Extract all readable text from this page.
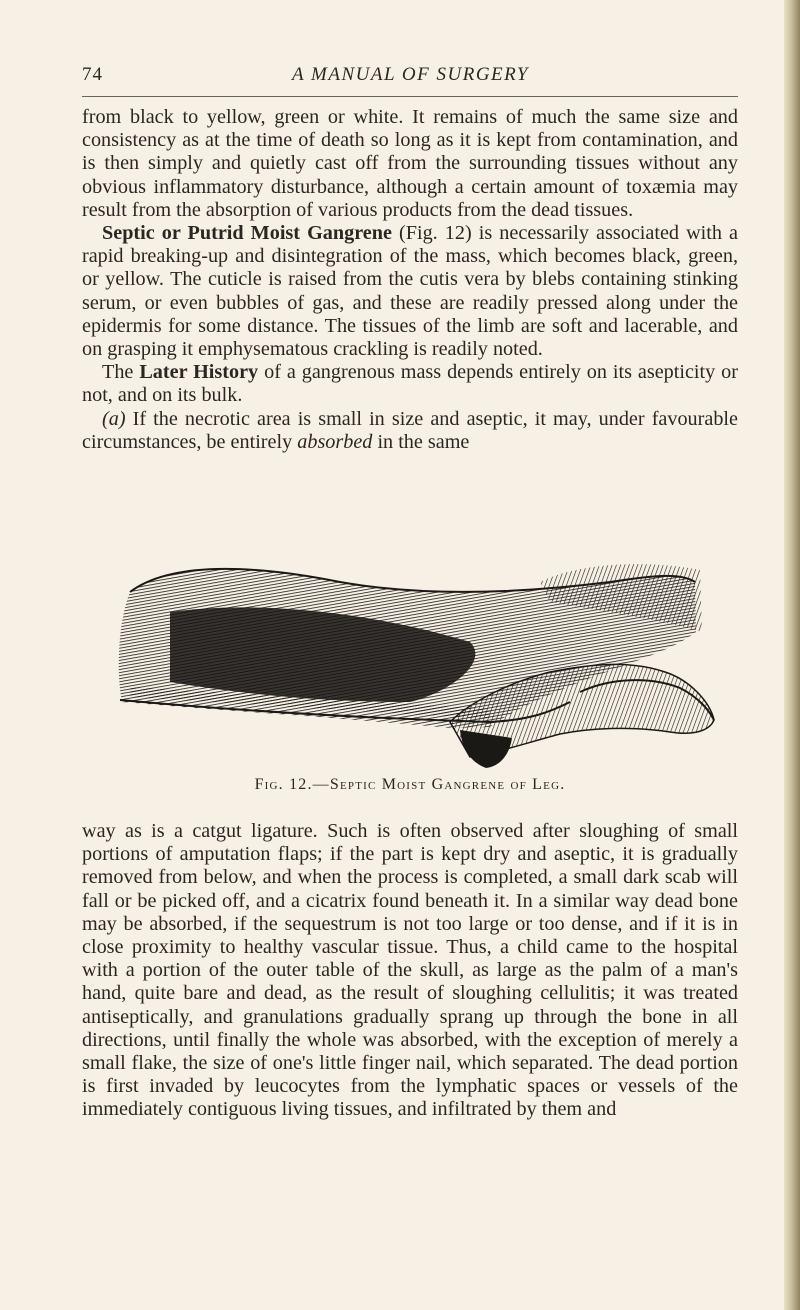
74	A MANUAL OF SURGERY

from black to yellow, green or white. It remains of much the same size and consistency as at the time of death so long as it is kept from contamination, and is then simply and quietly cast off from the surrounding tissues without any obvious inflammatory disturbance, although a certain amount of toxæmia may result from the absorption of various products from the dead tissues.

Septic or Putrid Moist Gangrene (Fig. 12) is necessarily associated with a rapid breaking-up and disintegration of the mass, which becomes black, green, or yellow. The cuticle is raised from the cutis vera by blebs containing stinking serum, or even bubbles of gas, and these are readily pressed along under the epidermis for some distance. The tissues of the limb are soft and lacerable, and on grasping it emphysematous crackling is readily noted.

The Later History of a gangrenous mass depends entirely on its asepticity or not, and on its bulk.

(a) If the necrotic area is small in size and aseptic, it may, under favourable circumstances, be entirely absorbed in the same

Fig. 12.—Septic Moist Gangrene of Leg.

way as is a catgut ligature. Such is often observed after sloughing of small portions of amputation flaps; if the part is kept dry and aseptic, it is gradually removed from below, and when the process is completed, a small dark scab will fall or be picked off, and a cicatrix found beneath it. In a similar way dead bone may be absorbed, if the sequestrum is not too large or too dense, and if it is in close proximity to healthy vascular tissue. Thus, a child came to the hospital with a portion of the outer table of the skull, as large as the palm of a man's hand, quite bare and dead, as the result of sloughing cellulitis; it was treated antiseptically, and granulations gradually sprang up through the bone in all directions, until finally the whole was absorbed, with the exception of merely a small flake, the size of one's little finger nail, which separated. The dead portion is first invaded by leucocytes from the lymphatic spaces or vessels of the immediately contiguous living tissues, and infiltrated by them and
